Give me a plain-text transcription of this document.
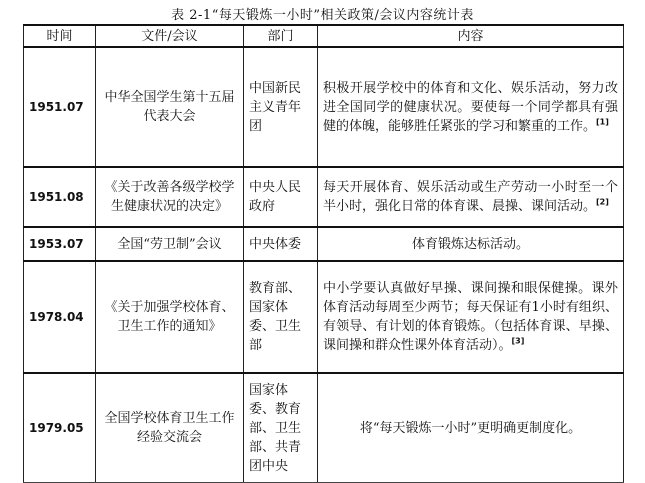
表 2-1“每天锻炼一小时”相关政策/会议内容统计表
时间	文件/会议	部门	内容
1951.07	中华全国学生第十五届代表大会	中国新民主义青年团	积极开展学校中的体育和文化、娱乐活动，努力改进全国同学的健康状况。要使每一个同学都具有强健的体魄，能够胜任紧张的学习和繁重的工作。[1]
1951.08	《关于改善各级学校学生健康状况的决定》	中央人民政府	每天开展体育、娱乐活动或生产劳动一小时至一个半小时，强化日常的体育课、晨操、课间活动。[2]
1953.07	全国“劳卫制”会议	中央体委	体育锻炼达标活动。
1978.04	《关于加强学校体育、卫生工作的通知》	教育部、国家体委、卫生部	中小学要认真做好早操、课间操和眼保健操。课外体育活动每周至少两节；每天保证有1小时有组织、有领导、有计划的体育锻炼。（包括体育课、早操、课间操和群众性课外体育活动）。[3]
1979.05	全国学校体育卫生工作经验交流会	国家体委、教育部、卫生部、共青团中央	将“每天锻炼一小时”更明确更制度化。
